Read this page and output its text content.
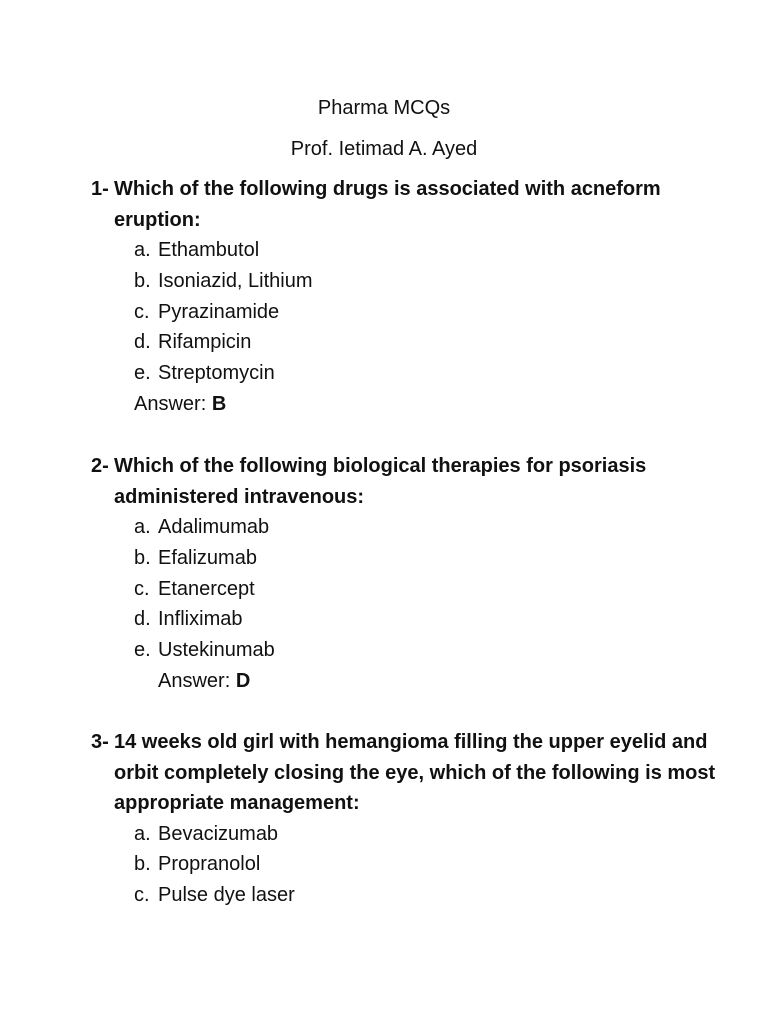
Pharma MCQs
Prof. Ietimad A. Ayed

1- Which of the following drugs is associated with acneform eruption:

a. Ethambutol
b. Isoniazid, Lithium
c. Pyrazinamide
d. Rifampicin
e. Streptomycin
Answer: B

2- Which of the following biological therapies for psoriasis administered intravenous:

a. Adalimumab
b. Efalizumab
c. Etanercept
d. Infliximab
e. Ustekinumab
Answer: D

3- 14 weeks old girl with hemangioma filling the upper eyelid and orbit completely closing the eye, which of the following is most appropriate management:

a. Bevacizumab
b. Propranolol
c. Pulse dye laser
